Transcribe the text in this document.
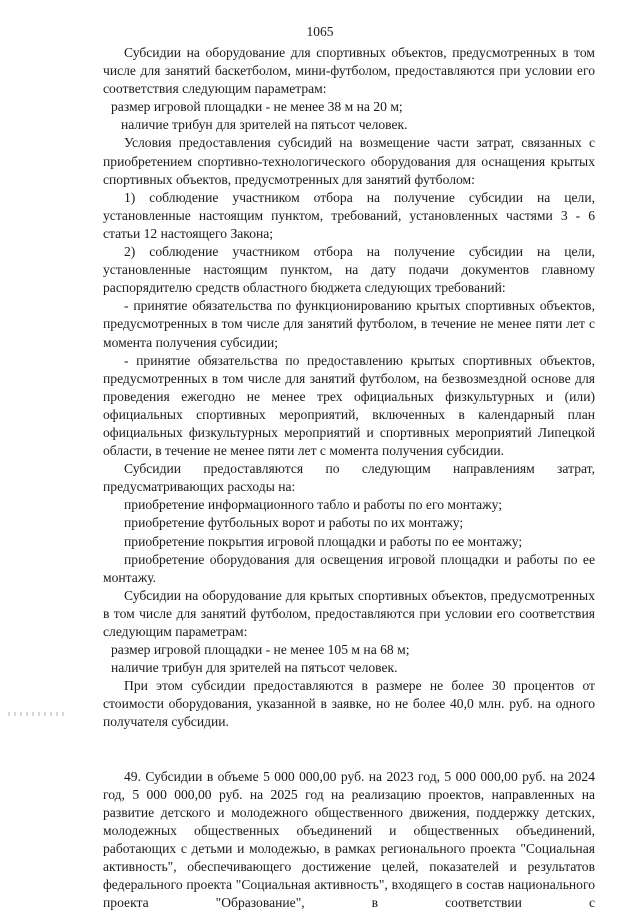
1065

Субсидии на оборудование для спортивных объектов, предусмотренных в том числе для занятий баскетболом, мини-футболом, предоставляются при условии его соответствия следующим параметрам:

размер игровой площадки - не менее 38 м на 20 м;

наличие трибун для зрителей на пятьсот человек.

Условия предоставления субсидий на возмещение части затрат, связанных с приобретением спортивно-технологического оборудования для оснащения крытых спортивных объектов, предусмотренных для занятий футболом:

1) соблюдение участником отбора на получение субсидии на цели, установленные настоящим пунктом, требований, установленных частями 3 - 6 статьи 12 настоящего Закона;

2) соблюдение участником отбора на получение субсидии на цели, установленные настоящим пунктом, на дату подачи документов главному распорядителю средств областного бюджета следующих требований:

- принятие обязательства по функционированию крытых спортивных объектов, предусмотренных в том числе для занятий футболом, в течение не менее пяти лет с момента получения субсидии;

- принятие обязательства по предоставлению крытых спортивных объектов, предусмотренных в том числе для занятий футболом, на безвозмездной основе для проведения ежегодно не менее трех официальных физкультурных и (или) официальных спортивных мероприятий, включенных в календарный план официальных физкультурных мероприятий и спортивных мероприятий Липецкой области, в течение не менее пяти лет с момента получения субсидии.

Субсидии предоставляются по следующим направлениям затрат, предусматривающих расходы на:

приобретение информационного табло и работы по его монтажу;

приобретение футбольных ворот и работы по их монтажу;

приобретение покрытия игровой площадки и работы по ее монтажу;

приобретение оборудования для освещения игровой площадки и работы по ее монтажу.

Субсидии на оборудование для крытых спортивных объектов, предусмотренных в том числе для занятий футболом, предоставляются при условии его соответствия следующим параметрам:

размер игровой площадки - не менее 105 м на 68 м;

наличие трибун для зрителей на пятьсот человек.

При этом субсидии предоставляются в размере не более 30 процентов от стоимости оборудования, указанной в заявке, но не более 40,0 млн. руб. на одного получателя субсидии.

49. Субсидии в объеме 5 000 000,00 руб. на 2023 год, 5 000 000,00 руб. на 2024 год, 5 000 000,00 руб. на 2025 год на реализацию проектов, направленных на развитие детского и молодежного общественного движения, поддержку детских, молодежных общественных объединений и общественных объединений, работающих с детьми и молодежью, в рамках регионального проекта "Социальная активность", обеспечивающего достижение целей, показателей и результатов федерального проекта "Социальная активность", входящего в состав национального проекта "Образование", в соответствии с
